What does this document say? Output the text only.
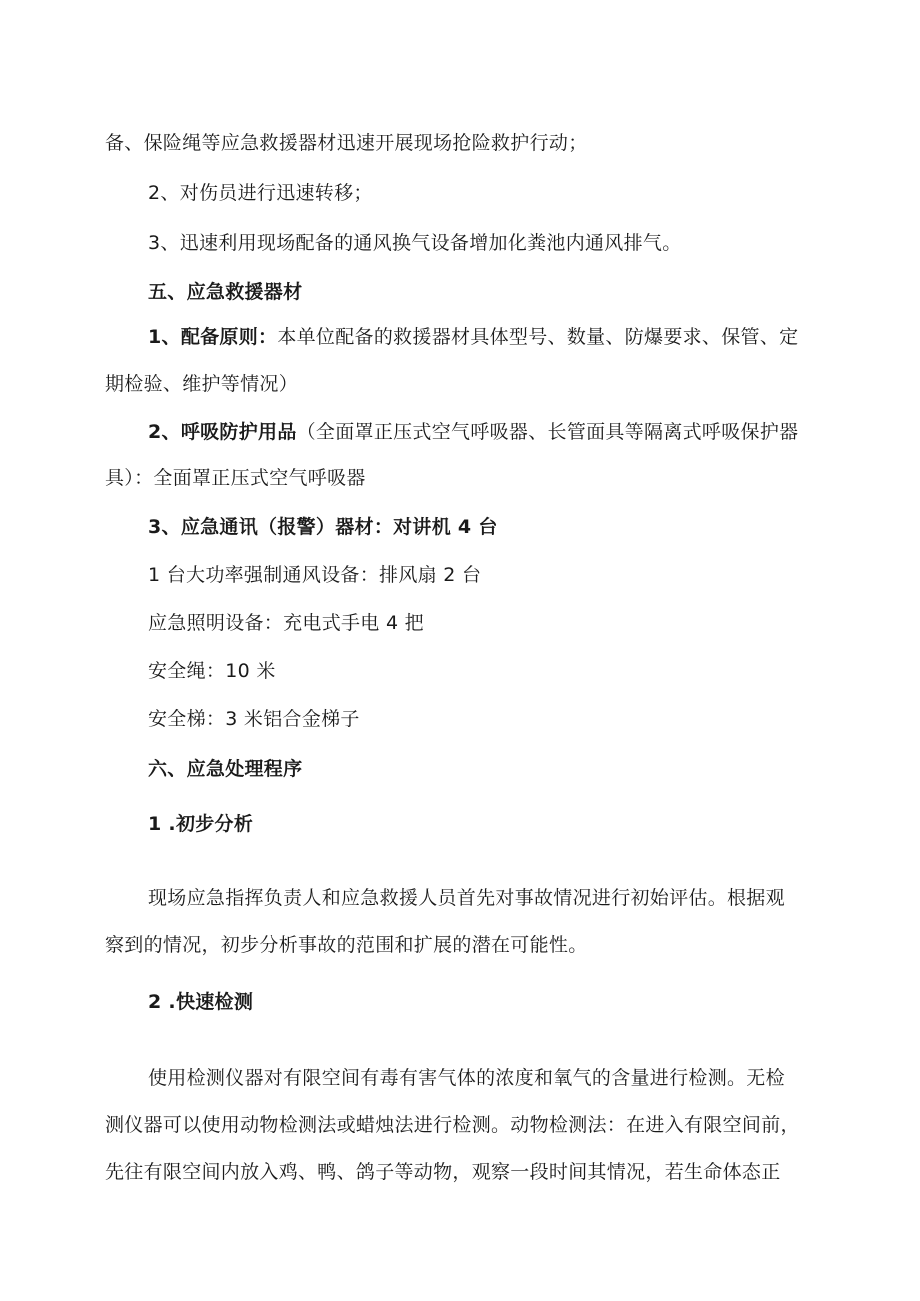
备、保险绳等应急救援器材迅速开展现场抢险救护行动；
2、对伤员进行迅速转移；
3、迅速利用现场配备的通风换气设备增加化粪池内通风排气。
五、应急救援器材
1、配备原则：本单位配备的救援器材具体型号、数量、防爆要求、保管、定
期检验、维护等情况）
2、呼吸防护用品（全面罩正压式空气呼吸器、长管面具等隔离式呼吸保护器
具）：全面罩正压式空气呼吸器
3、应急通讯（报警）器材：对讲机 4 台
1 台大功率强制通风设备：排风扇 2 台
应急照明设备：充电式手电 4 把
安全绳：10 米
安全梯：3 米铝合金梯子
六、应急处理程序
1 .初步分析
现场应急指挥负责人和应急救援人员首先对事故情况进行初始评估。根据观
察到的情况，初步分析事故的范围和扩展的潜在可能性。
2 .快速检测
使用检测仪器对有限空间有毒有害气体的浓度和氧气的含量进行检测。无检
测仪器可以使用动物检测法或蜡烛法进行检测。动物检测法：在进入有限空间前，
先往有限空间内放入鸡、鸭、鸽子等动物，观察一段时间其情况，若生命体态正
